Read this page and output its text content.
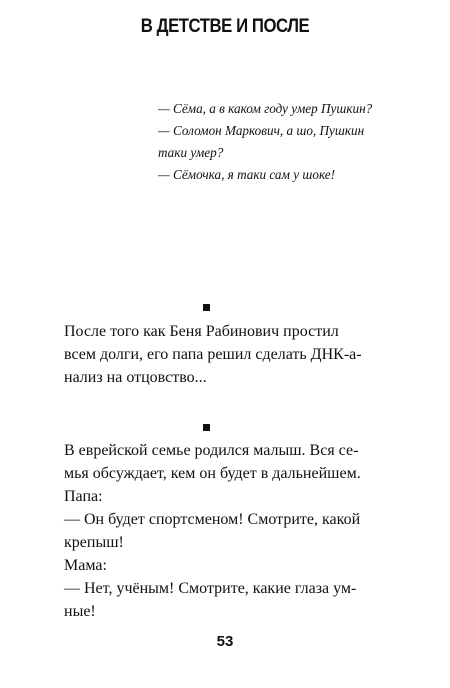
В ДЕТСТВЕ И ПОСЛЕ

— Сёма, а в каком году умер Пушкин?

— Соломон Маркович, а шо, Пушкин

таки умер?

— Сёмочка, я таки сам у шоке!

После того как Беня Рабинович простил

всем долги, его папа решил сделать ДНК-а-

нализ на отцовство...

В еврейской семье родился малыш. Вся се-

мья обсуждает, кем он будет в дальнейшем.

Папа:

— Он будет спортсменом! Смотрите, какой

крепыш!

Мама:

— Нет, учёным! Смотрите, какие глаза ум-

ные!

53
